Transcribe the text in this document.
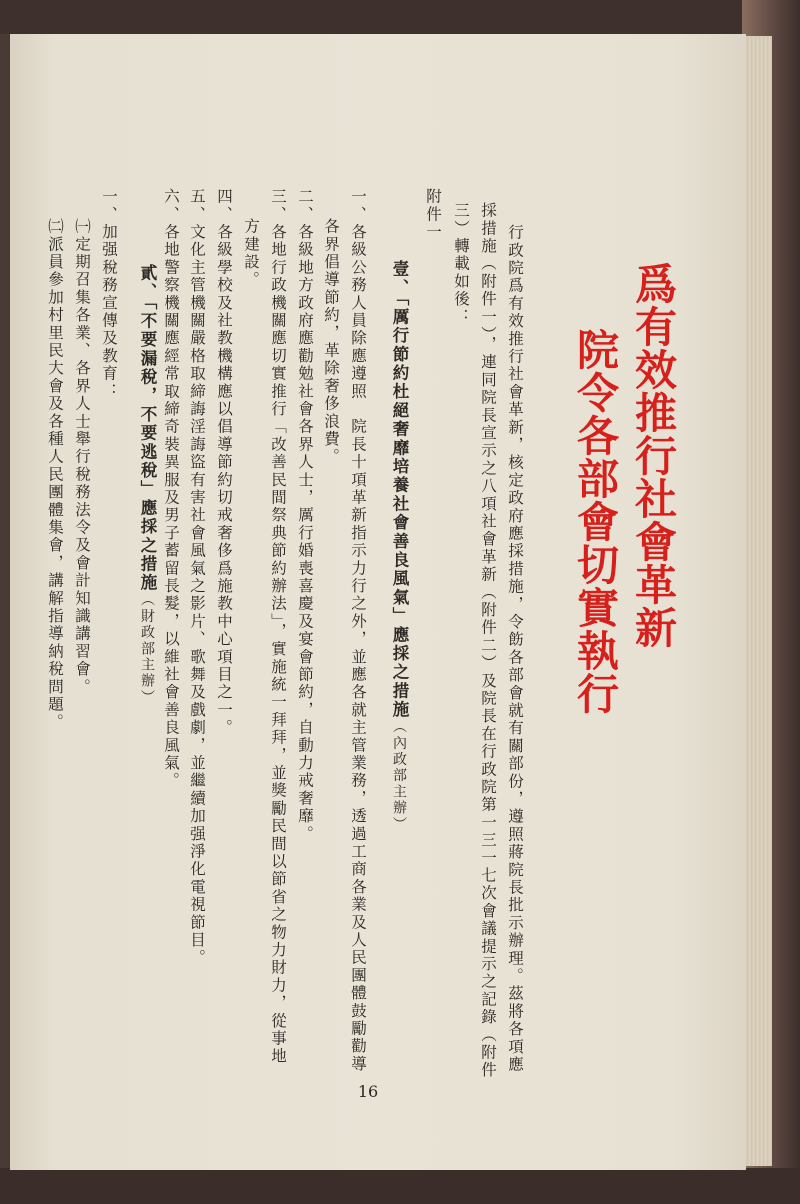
爲有效推行社會革新
院令各部會切實執行
行政院爲有效推行社會革新，核定政府應採措施，令飭各部會就有關部份，遵照蔣院長批示辦理。茲將各項應
採措施（附件一），連同院長宣示之八項社會革新（附件二）及院長在行政院第一三一七次會議提示之記錄（附件
三）轉載如後：
附件一
壹、「厲行節約杜絕奢靡培養社會善良風氣」應採之措施（內政部主辦）
一、各級公務人員除應遵照　院長十項革新指示力行之外，並應各就主管業務，透過工商各業及人民團體鼓勵勸導
各界倡導節約，革除奢侈浪費。
二、各級地方政府應勸勉社會各界人士，厲行婚喪喜慶及宴會節約，自動力戒奢靡。
三、各地行政機關應切實推行「改善民間祭典節約辦法」，實施統一拜拜，並獎勵民間以節省之物力財力，從事地
方建設。
四、各級學校及社教機構應以倡導節約切戒奢侈爲施教中心項目之一。
五、文化主管機關嚴格取締誨淫誨盜有害社會風氣之影片、歌舞及戲劇，並繼續加强淨化電視節目。
六、各地警察機關應經常取締奇裝異服及男子蓄留長髮，以維社會善良風氣。
貳、「不要漏稅，不要逃稅」應採之措施（財政部主辦）
一、加强稅務宣傳及教育：
㈠定期召集各業、各界人士舉行稅務法令及會計知識講習會。
㈡派員參加村里民大會及各種人民團體集會，講解指導納稅問題。
16
